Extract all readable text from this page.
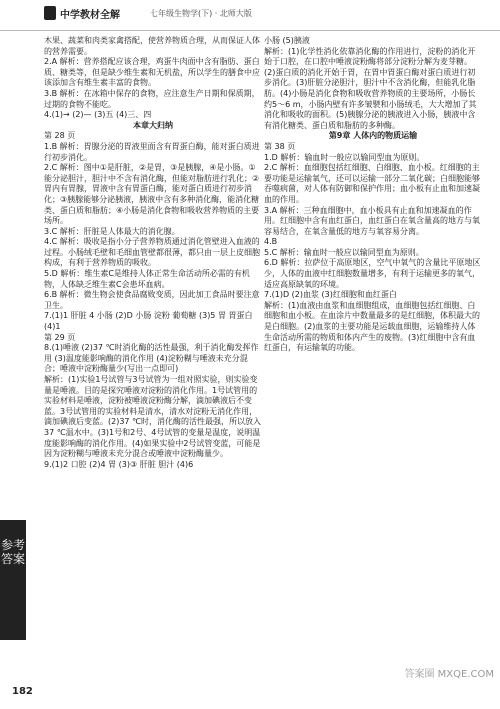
中学教材全解	七年级生物学(下) · 北师大版

木果、蔬菜和肉类家禽搭配，使营养物质合理，从而保证人体的营养需要。

2.A 解析：营养搭配应该合理，鸡蛋牛肉面中含有脂肪、蛋白质、糖类等，但是缺少维生素和无机盐，所以学生的膳食中应该添加含有维生素丰富的食物。

3.B 解析：在冰箱中保存的食物，应注意生产日期和保质期，过期的食物不能吃。

4.(1)→ (2)— (3)五 (4)三、四

本章大归纳

第 28 页

1.B 解析：胃腺分泌的胃液里面含有胃蛋白酶，能对蛋白质进行初步消化。

2.C 解析：图中①是肝脏，②是胃，③是胰腺，④是小肠。①能分泌胆汁，胆汁中不含有消化酶，但能对脂肪进行乳化；②胃内有胃腺，胃液中含有胃蛋白酶，能对蛋白质进行初步消化；③胰腺能够分泌胰液，胰液中含有多种消化酶，能消化糖类、蛋白质和脂肪；④小肠是消化食物和吸收营养物质的主要场所。

3.C 解析：肝脏是人体最大的消化腺。

4.C 解析：吸收是指小分子营养物质通过消化管壁进入血液的过程。小肠绒毛壁和毛细血管壁都很薄，都只由一层上皮细胞构成，有利于营养物质的吸收。

5.D 解析：维生素C是维持人体正常生命活动所必需的有机物，人体缺乏维生素C会患坏血病。

6.B 解析：微生物会使食品腐败变质，因此加工食品时要注意卫生。

7.(1)1 肝脏 4 小肠 (2)D 小肠 淀粉 葡萄糖 (3)5 胃 胃蛋白 (4)1

第 29 页

8.(1)唾液 (2)37 ℃时消化酶的活性最强，利于消化酶发挥作用 (3)温度能影响酶的消化作用 (4)淀粉糊与唾液未充分混合；唾液中淀粉酶量少(写出一点即可)

解析：(1)实验1号试管与3号试管为一组对照实验，则实验变量是唾液。目的是探究唾液对淀粉的消化作用。1号试管用的实验材料是唾液，淀粉被唾液淀粉酶分解，滴加碘液后不变蓝。3号试管用的实验材料是清水，清水对淀粉无消化作用，滴加碘液后变蓝。(2)37 ℃时，消化酶的活性最强，所以放入37 ℃温水中。(3)1号和2号、4号试管的变量是温度，说明温度能影响酶的消化作用。(4)如果实验中2号试管变蓝，可能是因为淀粉糊与唾液未充分混合或唾液中淀粉酶量少。

9.(1)2 口腔 (2)4 胃 (3)③ 肝脏 胆汁 (4)6

小肠 (5)胰液

解析：(1)化学性消化依靠消化酶的作用进行，淀粉的消化开始于口腔，在口腔中唾液淀粉酶将部分淀粉分解为麦芽糖。(2)蛋白质的消化开始于胃，在胃中胃蛋白酶对蛋白质进行初步消化。(3)肝脏分泌胆汁，胆汁中不含消化酶，但能乳化脂肪。(4)小肠是消化食物和吸收营养物质的主要场所，小肠长约5～6 m，小肠内壁有许多皱襞和小肠绒毛，大大增加了其消化和吸收的面积。(5)胰腺分泌的胰液进入小肠，胰液中含有消化糖类、蛋白质和脂肪的多种酶。

第9章 人体内的物质运输

第 38 页

1.D 解析：输血时一般应以输同型血为原则。

2.C 解析：血细胞包括红细胞、白细胞、血小板。红细胞的主要功能是运输氧气，还可以运输一部分二氧化碳；白细胞能够吞噬病菌，对人体有防御和保护作用；血小板有止血和加速凝血的作用。

3.A 解析：三种血细胞中，血小板具有止血和加速凝血的作用。红细胞中含有血红蛋白，血红蛋白在氧含量高的地方与氧容易结合，在氧含量低的地方与氧容易分离。

4.B

5.C 解析：输血时一般应以输同型血为原则。

6.D 解析：拉萨位于高原地区，空气中氧气的含量比平原地区少，人体的血液中红细胞数量增多，有利于运输更多的氧气，适应高原缺氧的环境。

7.(1)D (2)血浆 (3)红细胞和血红蛋白

解析：(1)血液由血浆和血细胞组成，血细胞包括红细胞、白细胞和血小板。在血涂片中数量最多的是红细胞，体积最大的是白细胞。(2)血浆的主要功能是运载血细胞，运输维持人体生命活动所需的物质和体内产生的废物。(3)红细胞中含有血红蛋白，有运输氧的功能。

参考答案
182
答案圈 MXQE.COM
